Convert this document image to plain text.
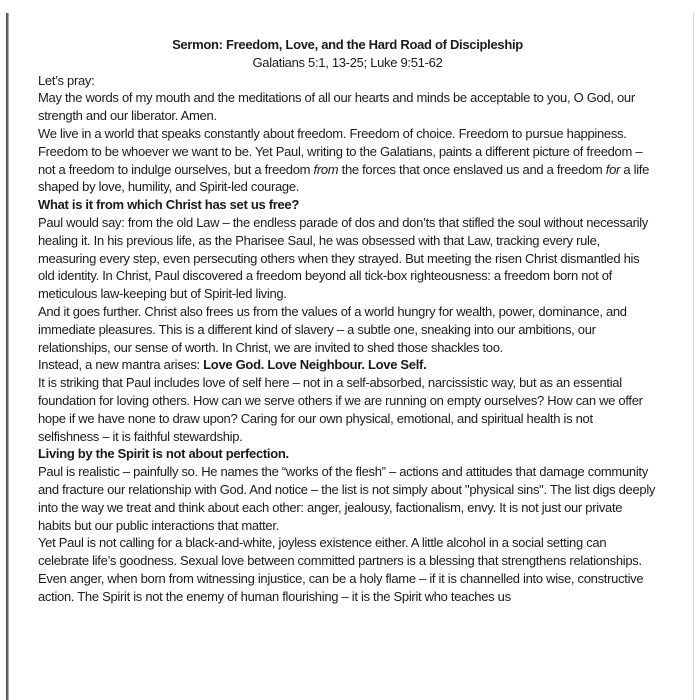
Sermon: Freedom, Love, and the Hard Road of Discipleship

Galatians 5:1, 13-25; Luke 9:51-62

Let’s pray:

May the words of my mouth and the meditations of all our hearts and minds be acceptable to you, O God, our strength and our liberator. Amen.

We live in a world that speaks constantly about freedom. Freedom of choice. Freedom to pursue happiness. Freedom to be whoever we want to be. Yet Paul, writing to the Galatians, paints a different picture of freedom – not a freedom to indulge ourselves, but a freedom from the forces that once enslaved us and a freedom for a life shaped by love, humility, and Spirit-led courage.

What is it from which Christ has set us free?

Paul would say: from the old Law – the endless parade of dos and don’ts that stifled the soul without necessarily healing it. In his previous life, as the Pharisee Saul, he was obsessed with that Law, tracking every rule, measuring every step, even persecuting others when they strayed. But meeting the risen Christ dismantled his old identity. In Christ, Paul discovered a freedom beyond all tick-box righteousness: a freedom born not of meticulous law-keeping but of Spirit-led living.

And it goes further. Christ also frees us from the values of a world hungry for wealth, power, dominance, and immediate pleasures. This is a different kind of slavery – a subtle one, sneaking into our ambitions, our relationships, our sense of worth. In Christ, we are invited to shed those shackles too.

Instead, a new mantra arises: Love God. Love Neighbour. Love Self.
It is striking that Paul includes love of self here – not in a self-absorbed, narcissistic way, but as an essential foundation for loving others. How can we serve others if we are running on empty ourselves? How can we offer hope if we have none to draw upon? Caring for our own physical, emotional, and spiritual health is not selfishness – it is faithful stewardship.

Living by the Spirit is not about perfection.

Paul is realistic – painfully so. He names the “works of the flesh” – actions and attitudes that damage community and fracture our relationship with God. And notice – the list is not simply about "physical sins". The list digs deeply into the way we treat and think about each other: anger, jealousy, factionalism, envy. It is not just our private habits but our public interactions that matter.

Yet Paul is not calling for a black-and-white, joyless existence either. A little alcohol in a social setting can celebrate life’s goodness. Sexual love between committed partners is a blessing that strengthens relationships. Even anger, when born from witnessing injustice, can be a holy flame – if it is channelled into wise, constructive action. The Spirit is not the enemy of human flourishing – it is the Spirit who teaches us
